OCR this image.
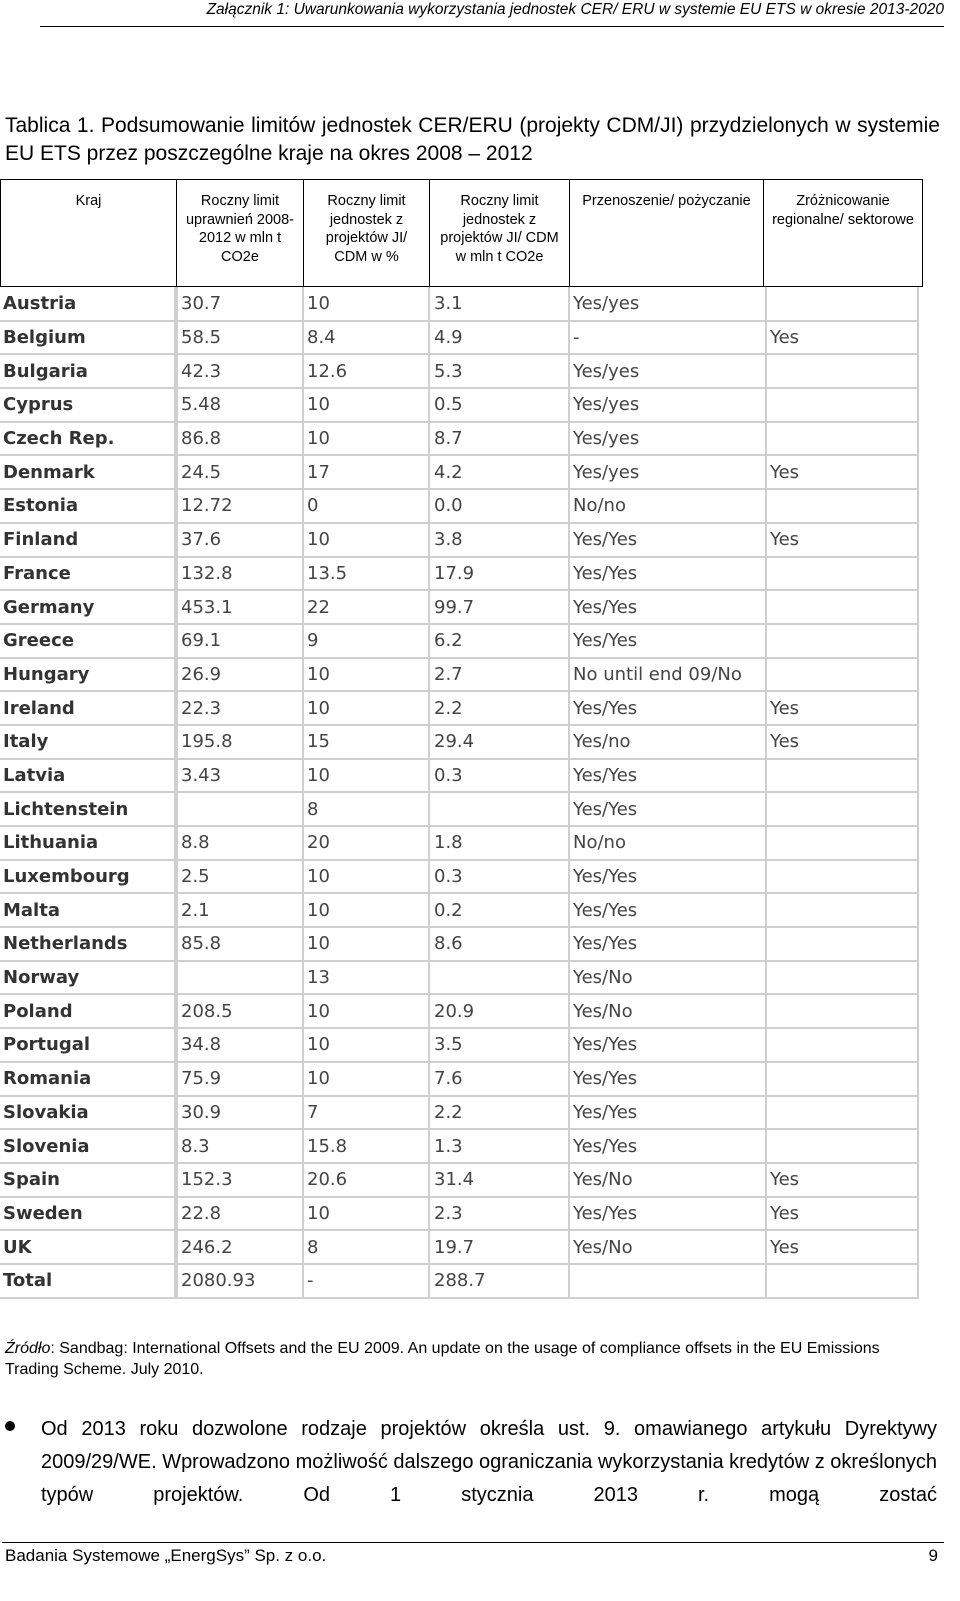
Załącznik 1: Uwarunkowania wykorzystania jednostek CER/ ERU w systemie EU ETS w okresie 2013-2020
Tablica 1. Podsumowanie limitów jednostek CER/ERU (projekty CDM/JI) przydzielonych w systemie EU ETS przez poszczególne kraje na okres 2008 – 2012
Kraj	Roczny limit uprawnień 2008-2012 w mln t CO2e	Roczny limit jednostek z projektów JI/ CDM w %	Roczny limit jednostek z projektów JI/ CDM w mln t CO2e	Przenoszenie/ pożyczanie	Zróżnicowanie regionalne/ sektorowe
Austria	30.7	10	3.1	Yes/yes	
Belgium	58.5	8.4	4.9	-	Yes
Bulgaria	42.3	12.6	5.3	Yes/yes	
Cyprus	5.48	10	0.5	Yes/yes	
Czech Rep.	86.8	10	8.7	Yes/yes	
Denmark	24.5	17	4.2	Yes/yes	Yes
Estonia	12.72	0	0.0	No/no	
Finland	37.6	10	3.8	Yes/Yes	Yes
France	132.8	13.5	17.9	Yes/Yes	
Germany	453.1	22	99.7	Yes/Yes	
Greece	69.1	9	6.2	Yes/Yes	
Hungary	26.9	10	2.7	No until end 09/No	
Ireland	22.3	10	2.2	Yes/Yes	Yes
Italy	195.8	15	29.4	Yes/no	Yes
Latvia	3.43	10	0.3	Yes/Yes	
Lichtenstein		8		Yes/Yes	
Lithuania	8.8	20	1.8	No/no	
Luxembourg	2.5	10	0.3	Yes/Yes	
Malta	2.1	10	0.2	Yes/Yes	
Netherlands	85.8	10	8.6	Yes/Yes	
Norway		13		Yes/No	
Poland	208.5	10	20.9	Yes/No	
Portugal	34.8	10	3.5	Yes/Yes	
Romania	75.9	10	7.6	Yes/Yes	
Slovakia	30.9	7	2.2	Yes/Yes	
Slovenia	8.3	15.8	1.3	Yes/Yes	
Spain	152.3	20.6	31.4	Yes/No	Yes
Sweden	22.8	10	2.3	Yes/Yes	Yes
UK	246.2	8	19.7	Yes/No	Yes
Total	2080.93	-	288.7		
Źródło: Sandbag: International Offsets and the EU 2009. An update on the usage of compliance offsets in the EU Emissions Trading Scheme. July 2010.
Od 2013 roku dozwolone rodzaje projektów określa ust. 9. omawianego artykułu Dyrektywy 2009/29/WE. Wprowadzono możliwość dalszego ograniczania wykorzystania kredytów z określonych typów projektów. Od 1 stycznia 2013 r. mogą zostać
Badania Systemowe „EnergSys” Sp. z o.o.	9
